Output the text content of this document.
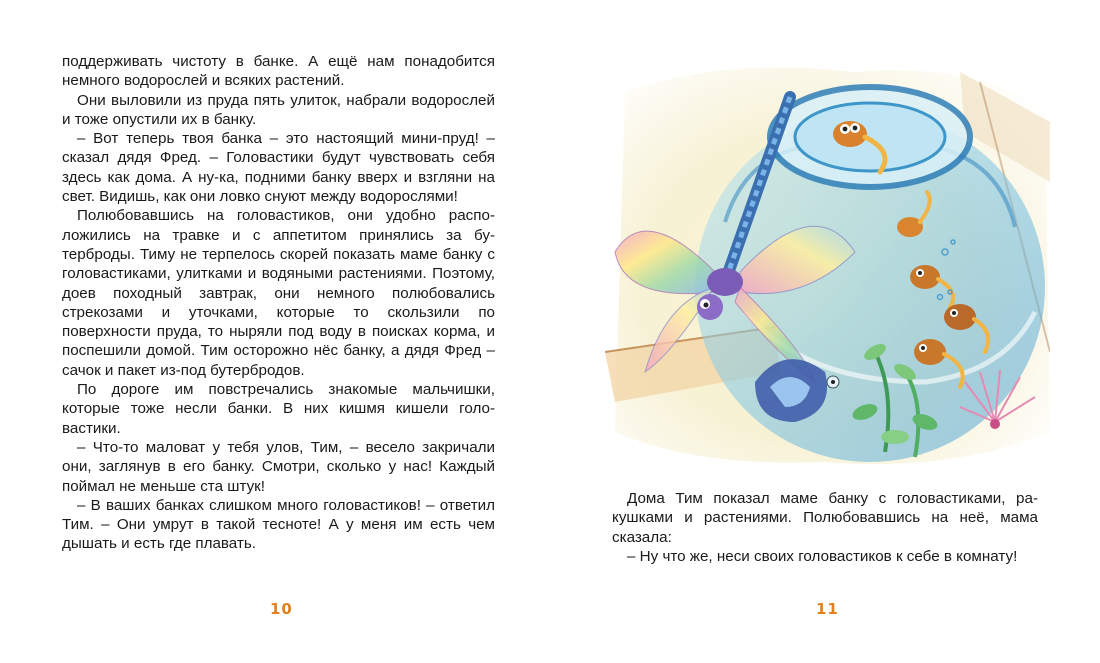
поддерживать чистоту в банке. А ещё нам понадобится немного водорослей и всяких растений.

Они выловили из пруда пять улиток, набрали водорослей и тоже опустили их в банку.

– Вот теперь твоя банка – это настоящий мини-пруд! – сказал дядя Фред. – Головастики будут чувствовать себя здесь как дома. А ну-ка, подними банку вверх и взгляни на свет. Видишь, как они ловко снуют между водорослями!

Полюбовавшись на головастиков, они удобно расположились на травке и с аппетитом принялись за бутерброды. Тиму не терпелось скорей показать маме банку с головастиками, улитками и водяными растениями. Поэтому, доев походный завтрак, они немного полюбовались стрекозами и уточками, которые то скользили по поверхности пруда, то ныряли под воду в поисках корма, и поспешили домой. Тим осторожно нёс банку, а дядя Фред – сачок и пакет из-под бутербродов.

По дороге им повстречались знакомые мальчишки, которые тоже несли банки. В них кишмя кишели головастики.

– Что-то маловат у тебя улов, Тим, – весело закричали они, заглянув в его банку. Смотри, сколько у нас! Каждый поймал не меньше ста штук!

– В ваших банках слишком много головастиков! – ответил Тим. – Они умрут в такой тесноте! А у меня им есть чем дышать и есть где плавать.

10

Дома Тим показал маме банку с головастиками, ракушками и растениями. Полюбовавшись на неё, мама сказала:

– Ну что же, неси своих головастиков к себе в комнату!

11
